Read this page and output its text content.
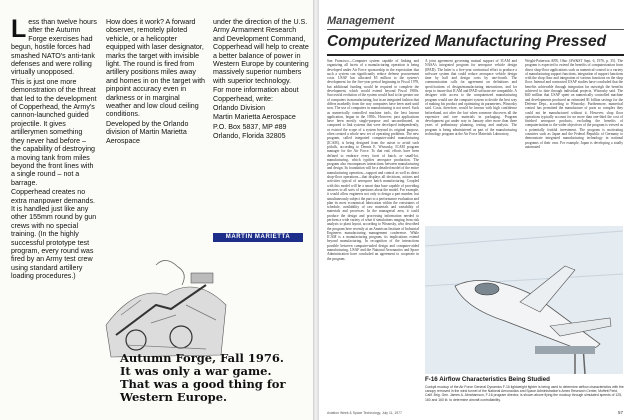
Less than twelve hours after the Autumn Forge exercises had begun, hostile forces had smashed NATO's anti-tank defenses and were rolling virtually unopposed.

This is just one more demonstration of the threat that led to the development of Copperhead, the Army's cannon-launched guided projectile. It gives artillerymen something they never had before – the capability of destroying a moving tank from miles beyond the front lines with a single round – not a barrage.

Copperhead creates no extra manpower demands. It is handled just like any other 155mm round by gun crews with no special training. (In the highly successful prototype test program, every round was fired by an Army test crew using standard artillery loading procedures.)

How does it work? A forward observer, remotely piloted vehicle, or a helicopter equipped with laser designator, marks the target with invisible light. The round is fired from artillery positions miles away and homes in on the target with pinpoint accuracy even in darkness or in marginal weather and low cloud ceiling conditions.

Developed by the Orlando division of Martin Marietta Aerospace

under the direction of the U.S. Army Armament Research and Development Command, Copperhead will help to create a better balance of power in Western Europe by countering massively superior numbers with superior technology.

For more information about Copperhead, write:

Orlando Division

Martin Marietta Aerospace

P.O. Box 5837, MP #89

Orlando, Florida 32805

MARTIN MARIETTA
Autumn Forge, Fall 1976.
It was only a war game.
That was a good thing for Western Europe.
Management
Computerized Manufacturing Pressed

San Francisco—Computer system capable of linking and organizing all facets of a manufacturing operation is being developed under Air Force sponsorship in the expectation that such a system can significantly reduce defense procurement costs. USAF has allocated $5 million to the system's development for the five-year period beginning in Fiscal 1978, but additional funding would be required to complete the development, which would extend beyond Fiscal 1980s. Successful evolution of the system would lead to far greater use of computers in manufacturing, but in an integrated fashion that differs markedly from the way computers have been used until now. The use of computers in manufacturing is not novel. Such as numerically controlled machine tools, the best known application, began in the 1950s. However, past applications have been mostly single-purpose and uncoordinated, as compared to link systems that were developed independently, or existed the scope of a system beyond its original purpose, often created a whole new set of operating problems. The new program, called integrated computer-aided manufacturing (ICAM), is being designed from the outset to avoid such pitfalls, according to Dennis E. Wisnosky, ICAM program manager for the Air Force. To that end, efforts have been defined to embrace every facet of batch, or small-lot, manufacturing, which typifies aerospace production. The program also encompasses interactions between manufacturing and design. Its foundation will be a detailed model of the entire manufacturing operation—support and control as well as direct shop-floor operations—that displays all decisions, actions and activities typical of aerospace batch manufacturing. Coupled with this model will be a smart data base capable of providing answers to all sorts of questions about the model. For example, it would allow engineers not only to design a part number, but simultaneously subject the part to a performance evaluation and plan its most economical fabrication within the constraints of schedule, availability of raw materials and variability of materials and processes. In the managerial area, it could produce the design and processing information needed to perform a wide variety of what if simulations ranging from risk analysis to plant layout, according to Wisnosky, who described the program here recently at an American Institute of Industrial Engineers manufacturing management conference. While ICAM is a manufacturing program, its implications extend beyond manufacturing. In recognition of the interactions possible between computer-aided design and computer-aided manufacturing, USAF and the National Aeronautics and Space Administration have concluded an agreement to cooperate in the program.

A joint agreement governing mutual support of ICAM and NASA's integrated program for aerospace vehicle design (IPAD). The latter is a five-year contractual effort to produce a software system that could reduce aerospace vehicle design time by half and design costs by one-fourth. The communication calls for agreement on definitions and specifications of design/manufacturing interactions, and for steps to insure that ICAM and IPAD software are compatible. A designer with access to the computerized manufacturing program would use the computer system to decide the best way of making his product and optimizing its parameters, Wisnosky said. Costs, therefore, would be known with high confidence beforehand, not after the fact when someone discovers all the expensive and rare materials in packaging. Program development got under way in January after more than three years of preliminary planning, testing and analysis. The program is being administered as part of the manufacturing technology program at the Air Force Materials Laboratory,

Wright-Patterson AFB, Ohio (AW&ST Sept. 6, 1976, p. 35). The program is expected to extend the benefits of computerization from direct shop-floor applications such as numerical control to a variety of manufacturing support functions, integration of support functions with the shop floor and integration of various functions on the shop floor. Internal and contracted USAF studies have concluded that the benefits achievable through integration far outweigh the benefits achieved to date through individual projects, Wisnosky said. The $40 million that USAF spent on numerically controlled machine and developments produced an estimated $1 billion savings for the Defense Dept., according to Wisnosky. Furthermore, numerical control has permitted the manufacture of parts so complex they could not be manufactured without it. However, shop floor operations typically account for no more than one-third the cost of finished aerospace products, excluding the benefits of computerization to the wider objectives of the program is viewed as a potentially fruitful investment. The program is motivating countries such as Japan and the Federal Republic of Germany to demonstrate integrated manufacturing technology in national programs of their own. For example, Japan is developing a totally automated

F-16 Airflow Characteristics Being Studied
Cockpit mockup of the Air Force General Dynamics F-16 lightweight fighter is being used to determine airflow characteristics with the canopy removed in the wind tunnel of the National Aeronautics and Space Administration's Ames Research Center, Moffett Field, Calif. Brig. Gen. James A. Abrahamson, F-16 program director, is shown above flying the mockup through simulated speeds of 125, 160 and 160 kt. to determine aircraft controllability.
Aviation Week & Space Technology, July 11, 1977	57
